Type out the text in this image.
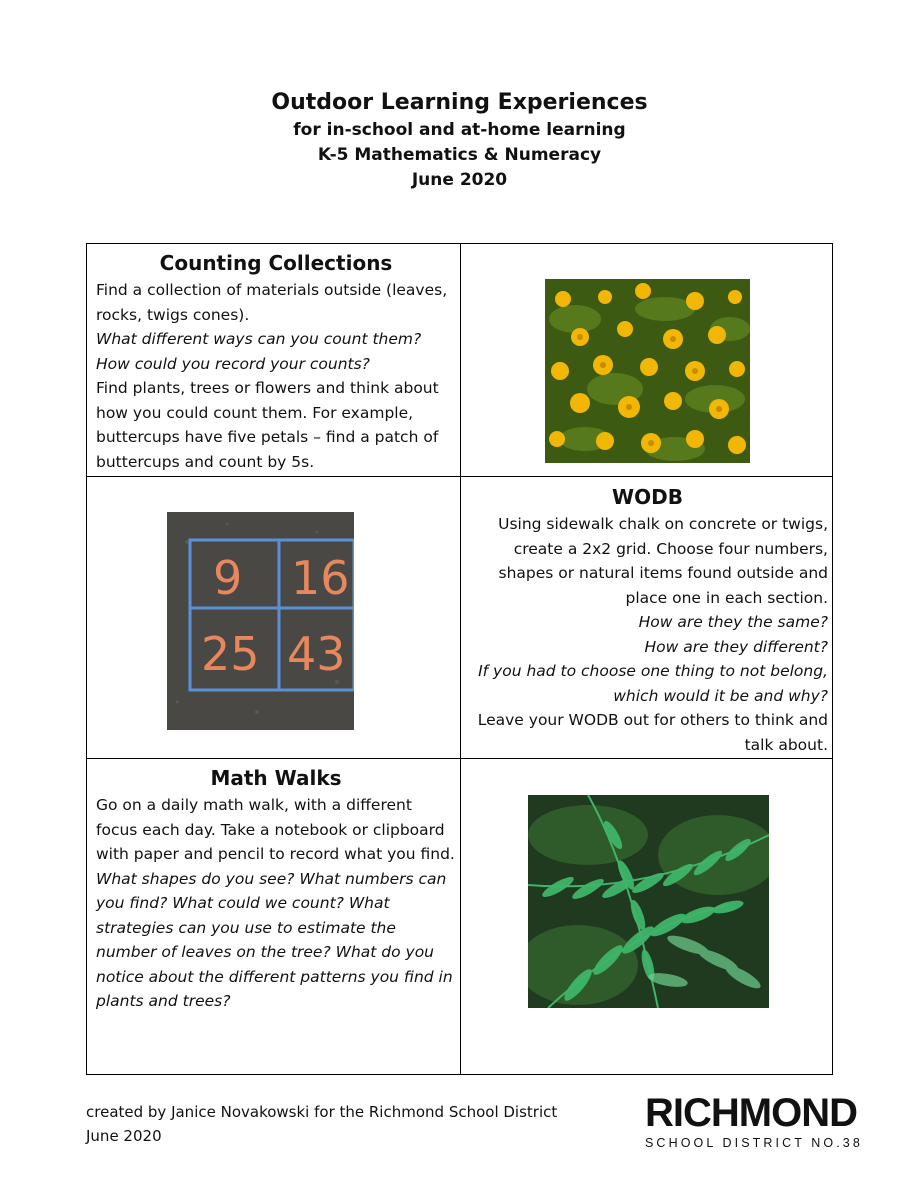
Outdoor Learning Experiences
for in-school and at-home learning
K-5 Mathematics & Numeracy
June 2020
Counting Collections
Find a collection of materials outside (leaves, rocks, twigs cones).
What different ways can you count them?
How could you record your counts?
Find plants, trees or flowers and think about how you could count them. For example, buttercups have five petals – find a patch of buttercups and count by 5s.
9 16
25 43
WODB
Using sidewalk chalk on concrete or twigs, create a 2x2 grid. Choose four numbers, shapes or natural items found outside and place one in each section.
How are they the same?
How are they different?
If you had to choose one thing to not belong, which would it be and why?
Leave your WODB out for others to think and talk about.
Math Walks
Go on a daily math walk, with a different focus each day. Take a notebook or clipboard with paper and pencil to record what you find.
What shapes do you see? What numbers can you find? What could we count? What strategies can you use to estimate the number of leaves on the tree? What do you notice about the different patterns you find in plants and trees?
created by Janice Novakowski for the Richmond School District
June 2020
RICHMOND
SCHOOL DISTRICT NO.38
